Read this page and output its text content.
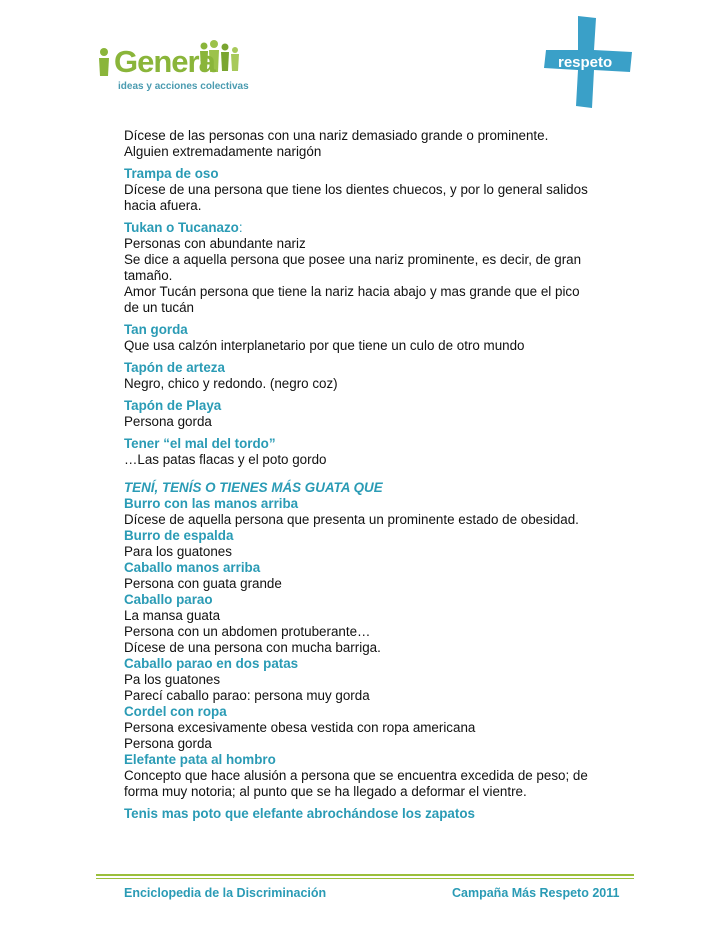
Genera
ideas y acciones colectivas
respeto
Dícese de las personas con una nariz demasiado grande o prominente.
Alguien extremadamente narigón
Trampa de oso
Dícese de una persona que tiene los dientes chuecos, y por lo general salidos
hacia afuera.
Tukan o Tucanazo:
Personas con abundante nariz
Se dice a aquella persona que posee una nariz prominente, es decir, de gran
tamaño.
Amor Tucán persona que tiene la nariz hacia abajo y mas grande que el pico
de un tucán
Tan gorda
Que usa calzón interplanetario por que tiene un culo de otro mundo
Tapón de arteza
Negro, chico y redondo. (negro coz)
Tapón de Playa
Persona gorda
Tener “el mal del tordo”
…Las patas flacas y el poto gordo
TENÍ, TENÍS O TIENES MÁS GUATA QUE
Burro con las manos arriba
Dícese de aquella persona que presenta un prominente estado de obesidad.
Burro de espalda
Para los guatones
Caballo manos arriba
Persona con guata grande
Caballo parao
La mansa guata
Persona con un abdomen protuberante…
Dícese de una persona con mucha barriga.
Caballo parao en dos patas
Pa los guatones
Parecí caballo parao: persona muy gorda
Cordel con ropa
Persona excesivamente obesa vestida con ropa americana
Persona gorda
Elefante pata al hombro
Concepto que hace alusión a persona que se encuentra excedida de peso; de
forma muy notoria; al punto que se ha llegado a deformar el vientre.
Tenis mas poto que elefante abrochándose los zapatos
Enciclopedia de la Discriminación	Campaña Más Respeto 2011
